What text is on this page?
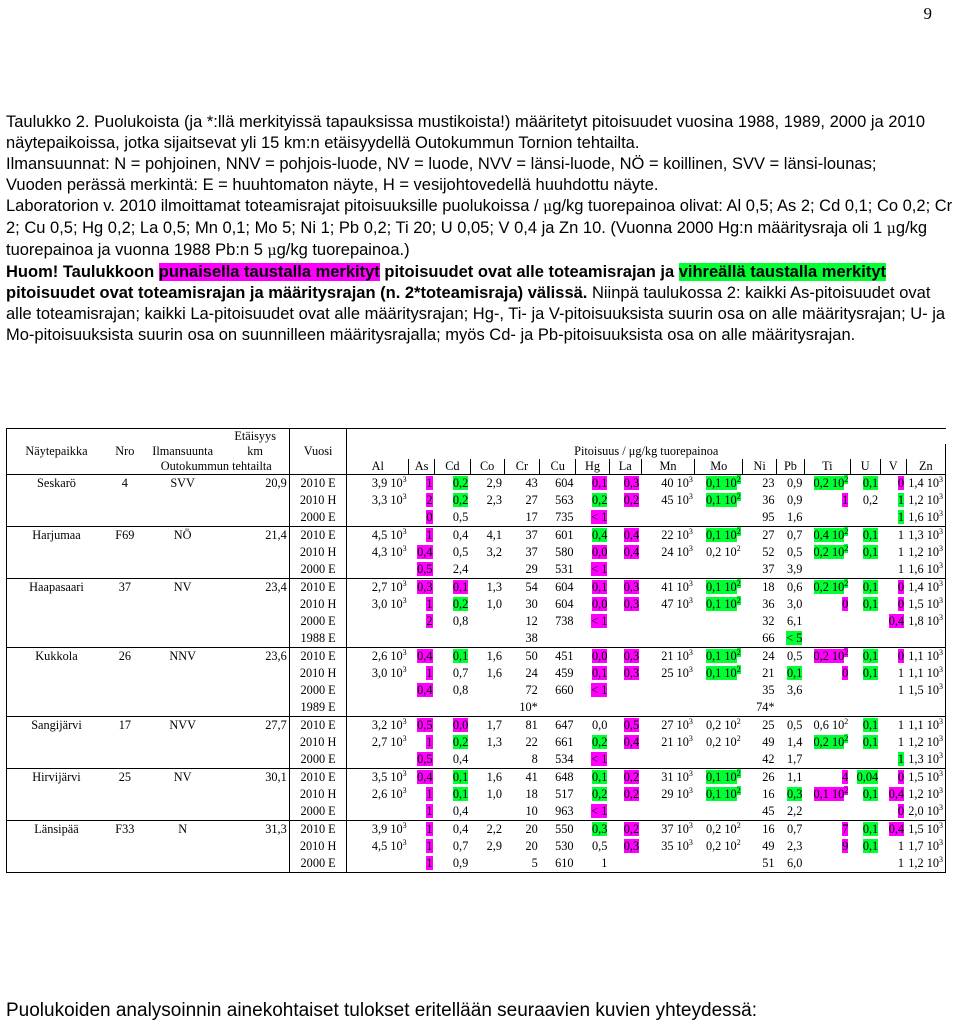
9

Taulukko 2. Puolukoista (ja *:llä merkityissä tapauksissa mustikoista!) määritetyt pitoisuudet vuosina 1988, 1989, 2000 ja 2010 näytepaikoissa, jotka sijaitsevat yli 15 km:n etäisyydellä Outokummun Tornion tehtailta.

Ilmansuunnat: N = pohjoinen, NNV = pohjois-luode, NV = luode, NVV = länsi-luode, NÖ = koillinen, SVV = länsi-lounas;

Vuoden perässä merkintä: E = huuhtomaton näyte, H = vesijohtovedellä huuhdottu näyte.

Laboratorion v. 2010 ilmoittamat toteamisrajat pitoisuuksille puolukoissa / μg/kg tuorepainoa olivat: Al 0,5; As 2; Cd 0,1; Co 0,2; Cr 2; Cu 0,5; Hg 0,2; La 0,5; Mn 0,1; Mo 5; Ni 1; Pb 0,2; Ti 20; U 0,05; V 0,4 ja Zn 10. (Vuonna 2000 Hg:n määritysraja oli 1 μg/kg tuorepainoa ja vuonna 1988 Pb:n 5 μg/kg tuorepainoa.)

Huom! Taulukkoon punaisella taustalla merkityt pitoisuudet ovat alle toteamisrajan ja vihreällä taustalla merkityt pitoisuudet ovat toteamisrajan ja määritysrajan (n. 2*toteamisraja) välissä. Niinpä taulukossa 2: kaikki As-pitoisuudet ovat alle toteamisrajan; kaikki La-pitoisuudet ovat alle määritysrajan; Hg-, Ti- ja V-pitoisuuksista suurin osa on alle määritysrajan; U- ja Mo-pitoisuuksista suurin osa on suunnilleen määritysrajalla; myös Cd- ja Pb-pitoisuuksista osa on alle määritysrajan.

			Etäisyys																	
Näytepaikka	Nro	Ilmansuunta	km	Vuosi	Pitoisuus / μg/kg tuorepainoa															
		Outokummun tehtailta			Al	As	Cd	Co	Cr	Cu	Hg	La	Mn	Mo	Ni	Pb	Ti	U	V	Zn
Seskarö	4	SVV	20,9	2010 E	3,9 $10^3$	1	0,2	2,9	43	604	0,1	0,3	40 $10^3$	0,1 $10^2$	23	0,9	0,2 $10^2$	0,1	0	1,4 $10^3$
				2010 H	3,3 $10^3$	2	0,2	2,3	27	563	0,2	0,2	45 $10^3$	0,1 $10^2$	36	0,9	1	0,2	1	1,2 $10^3$
				2000 E		0	0,5		17	735	< 1				95	1,6			1	1,6 $10^3$
Harjumaa	F69	NÖ	21,4	2010 E	4,5 $10^3$	1	0,4	4,1	37	601	0,4	0,4	22 $10^3$	0,1 $10^2$	27	0,7	0,4 $10^2$	0,1	1	1,3 $10^3$
				2010 H	4,3 $10^3$	0,4	0,5	3,2	37	580	0,0	0,4	24 $10^3$	0,2 $10^2$	52	0,5	0,2 $10^2$	0,1	1	1,2 $10^3$
				2000 E		0,5	2,4		29	531	< 1				37	3,9			1	1,6 $10^3$
Haapasaari	37	NV	23,4	2010 E	2,7 $10^3$	0,3	0,1	1,3	54	604	0,1	0,3	41 $10^3$	0,1 $10^2$	18	0,6	0,2 $10^2$	0,1	0	1,4 $10^3$
				2010 H	3,0 $10^3$	1	0,2	1,0	30	604	0,0	0,3	47 $10^3$	0,1 $10^2$	36	3,0	0	0,1	0	1,5 $10^3$
				2000 E		2	0,8		12	738	< 1				32	6,1			0,4	1,8 $10^3$
				1988 E					38						66	< 5				
Kukkola	26	NNV	23,6	2010 E	2,6 $10^3$	0,4	0,1	1,6	50	451	0,0	0,3	21 $10^3$	0,1 $10^2$	24	0,5	0,2 $10^2$	0,1	0	1,1 $10^3$
				2010 H	3,0 $10^3$	1	0,7	1,6	24	459	0,1	0,3	25 $10^3$	0,1 $10^2$	21	0,1	0	0,1	1	1,1 $10^3$
				2000 E		0,4	0,8		72	660	< 1				35	3,6			1	1,5 $10^3$
				1989 E					10*						74*					
Sangijärvi	17	NVV	27,7	2010 E	3,2 $10^3$	0,5	0,0	1,7	81	647	0,0	0,5	27 $10^3$	0,2 $10^2$	25	0,5	0,6 $10^2$	0,1	1	1,1 $10^3$
				2010 H	2,7 $10^3$	1	0,2	1,3	22	661	0,2	0,4	21 $10^3$	0,2 $10^2$	49	1,4	0,2 $10^2$	0,1	1	1,2 $10^3$
				2000 E		0,5	0,4		8	534	< 1				42	1,7			1	1,3 $10^3$
Hirvijärvi	25	NV	30,1	2010 E	3,5 $10^3$	0,4	0,1	1,6	41	648	0,1	0,2	31 $10^3$	0,1 $10^2$	26	1,1	4	0,04	0	1,5 $10^3$
				2010 H	2,6 $10^3$	1	0,1	1,0	18	517	0,2	0,2	29 $10^3$	0,1 $10^2$	16	0,3	0,1 $10^2$	0,1	0,4	1,2 $10^3$
				2000 E		1	0,4		10	963	< 1				45	2,2			0	2,0 $10^3$
Länsipää	F33	N	31,3	2010 E	3,9 $10^3$	1	0,4	2,2	20	550	0,3	0,2	37 $10^3$	0,2 $10^2$	16	0,7	7	0,1	0,4	1,5 $10^3$
				2010 H	4,5 $10^3$	1	0,7	2,9	20	530	0,5	0,3	35 $10^3$	0,2 $10^2$	49	2,3	9	0,1	1	1,7 $10^3$
				2000 E		1	0,9		5	610	1				51	6,0			1	1,2 $10^3$
Puolukoiden analysoinnin ainekohtaiset tulokset eritellään seuraavien kuvien yhteydessä:
